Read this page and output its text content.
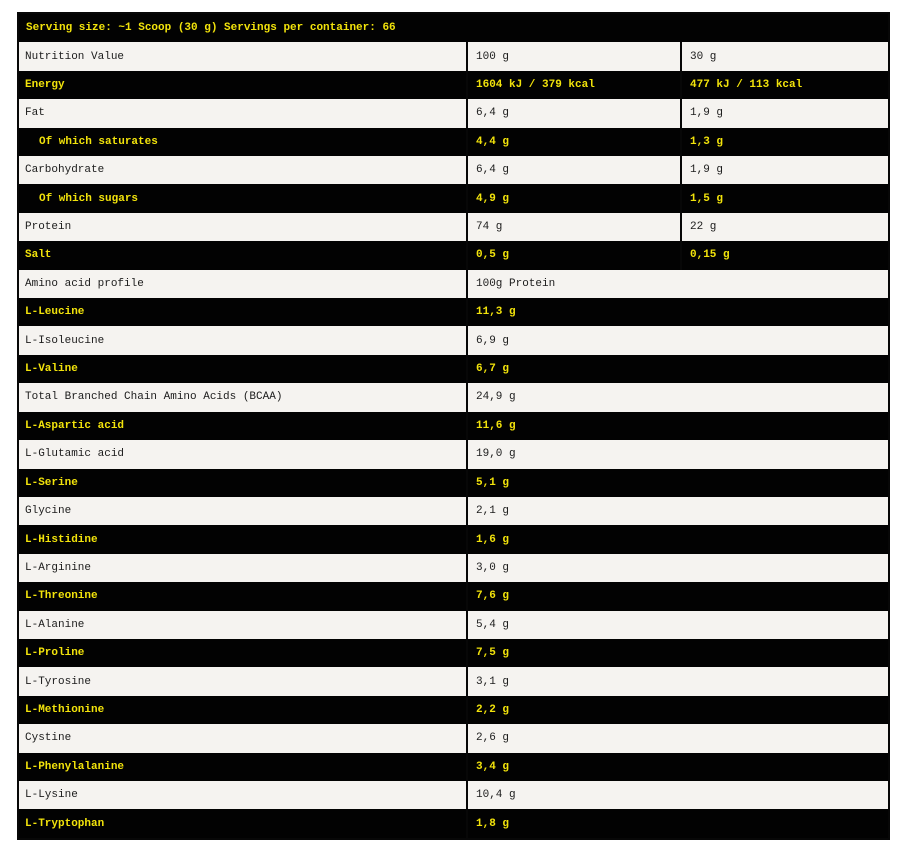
Serving size: ~1 Scoop (30 g) Servings per container: 66
Nutrition Value	100 g	30 g
Energy	1604 kJ / 379 kcal	477 kJ / 113 kcal
Fat	6,4 g	1,9 g
Of which saturates	4,4 g	1,3 g
Carbohydrate	6,4 g	1,9 g
Of which sugars	4,9 g	1,5 g
Protein	74 g	22 g
Salt	0,5 g	0,15 g
Amino acid profile	100g Protein
L-Leucine	11,3 g
L-Isoleucine	6,9 g
L-Valine	6,7 g
Total Branched Chain Amino Acids (BCAA)	24,9 g
L-Aspartic acid	11,6 g
L-Glutamic acid	19,0 g
L-Serine	5,1 g
Glycine	2,1 g
L-Histidine	1,6 g
L-Arginine	3,0 g
L-Threonine	7,6 g
L-Alanine	5,4 g
L-Proline	7,5 g
L-Tyrosine	3,1 g
L-Methionine	2,2 g
Cystine	2,6 g
L-Phenylalanine	3,4 g
L-Lysine	10,4 g
L-Tryptophan	1,8 g
